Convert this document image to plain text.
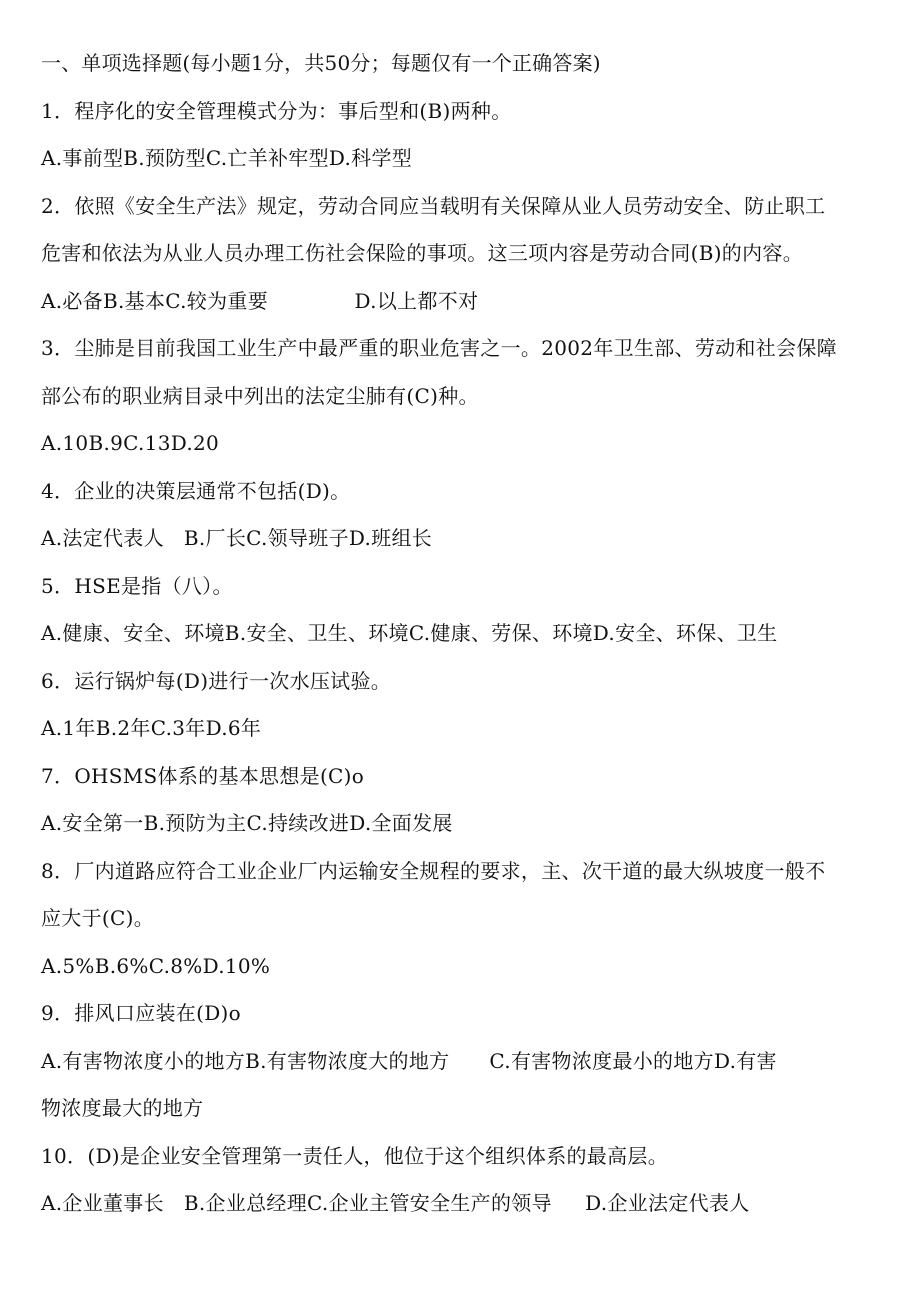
一、单项选择题(每小题1分，共50分；每题仅有一个正确答案)
1．程序化的安全管理模式分为：事后型和(B)两种。
A.事前型B.预防型C.亡羊补牢型D.科学型
2．依照《安全生产法》规定，劳动合同应当载明有关保障从业人员劳动安全、防止职工
危害和依法为从业人员办理工伤社会保险的事项。这三项内容是劳动合同(B)的内容。
A.必备B.基本C.较为重要             D.以上都不对
3．尘肺是目前我国工业生产中最严重的职业危害之一。2002年卫生部、劳动和社会保障
部公布的职业病目录中列出的法定尘肺有(C)种。
A.10B.9C.13D.20
4．企业的决策层通常不包括(D)。
A.法定代表人   B.厂长C.领导班子D.班组长
5．HSE是指（八）。
A.健康、安全、环境B.安全、卫生、环境C.健康、劳保、环境D.安全、环保、卫生
6．运行锅炉每(D)进行一次水压试验。
A.1年B.2年C.3年D.6年
7．OHSMS体系的基本思想是(C)o
A.安全第一B.预防为主C.持续改进D.全面发展
8．厂内道路应符合工业企业厂内运输安全规程的要求，主、次干道的最大纵坡度一般不
应大于(C)。
A.5%B.6%C.8%D.10%
9．排风口应装在(D)o
A.有害物浓度小的地方B.有害物浓度大的地方      C.有害物浓度最小的地方D.有害
物浓度最大的地方
10．(D)是企业安全管理第一责任人，他位于这个组织体系的最高层。
A.企业董事长   B.企业总经理C.企业主管安全生产的领导     D.企业法定代表人
